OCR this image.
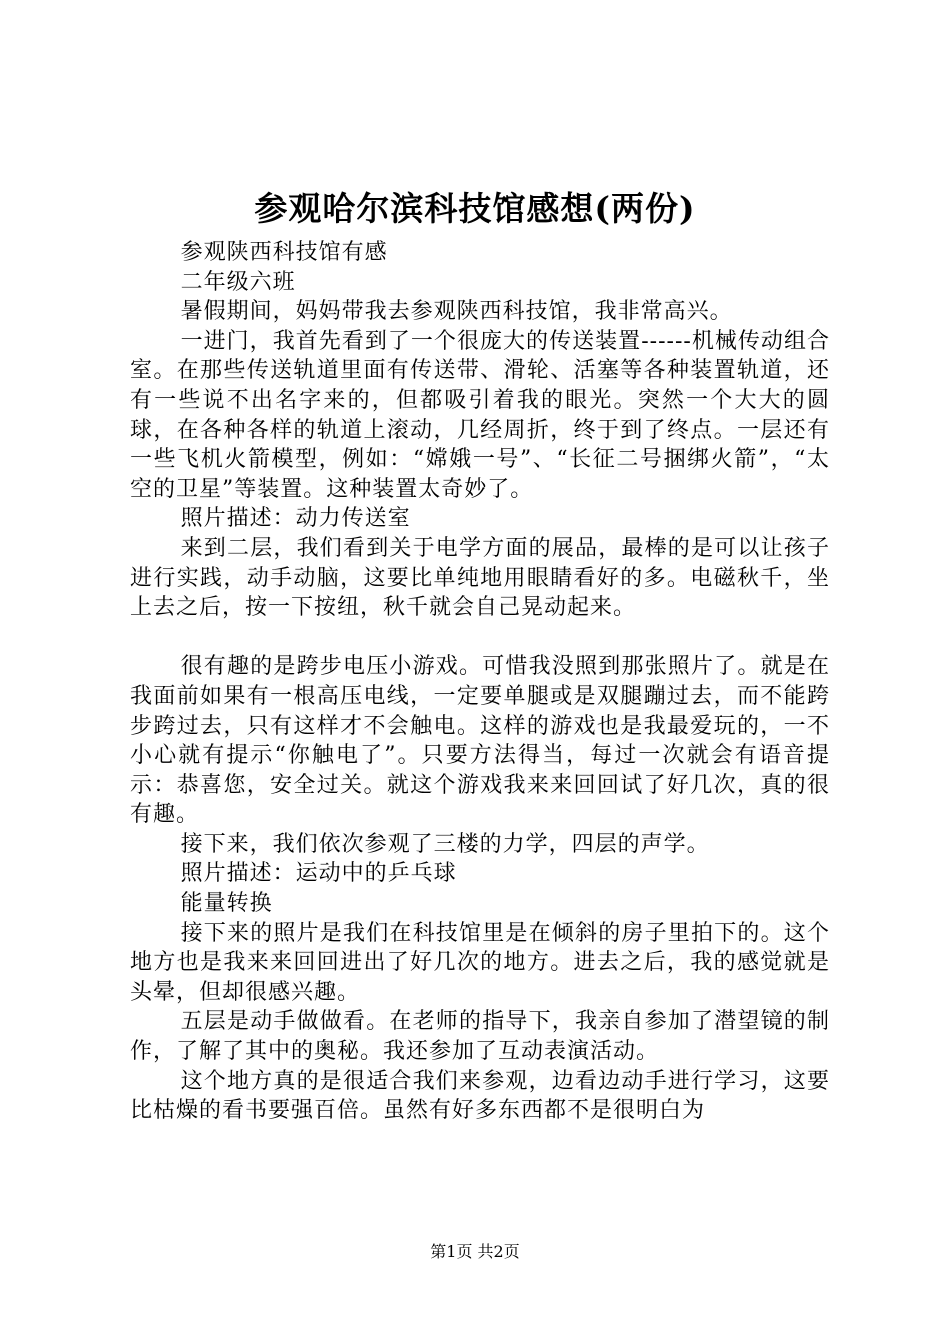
参观哈尔滨科技馆感想(两份)

参观陕西科技馆有感

二年级六班

暑假期间，妈妈带我去参观陕西科技馆，我非常高兴。

一进门，我首先看到了一个很庞大的传送装置------机械传动组合室。在那些传送轨道里面有传送带、滑轮、活塞等各种装置轨道，还有一些说不出名字来的，但都吸引着我的眼光。突然一个大大的圆球，在各种各样的轨道上滚动，几经周折，终于到了终点。一层还有一些飞机火箭模型，例如：“嫦娥一号”、“长征二号捆绑火箭”，“太空的卫星”等装置。这种装置太奇妙了。

照片描述：动力传送室

来到二层，我们看到关于电学方面的展品，最棒的是可以让孩子进行实践，动手动脑，这要比单纯地用眼睛看好的多。电磁秋千，坐上去之后，按一下按纽，秋千就会自己晃动起来。

很有趣的是跨步电压小游戏。可惜我没照到那张照片了。就是在我面前如果有一根高压电线，一定要单腿或是双腿蹦过去，而不能跨步跨过去，只有这样才不会触电。这样的游戏也是我最爱玩的，一不小心就有提示“你触电了”。只要方法得当，每过一次就会有语音提示：恭喜您，安全过关。就这个游戏我来来回回试了好几次，真的很有趣。

接下来，我们依次参观了三楼的力学，四层的声学。

照片描述：运动中的乒乓球

能量转换

接下来的照片是我们在科技馆里是在倾斜的房子里拍下的。这个地方也是我来来回回进出了好几次的地方。进去之后，我的感觉就是头晕，但却很感兴趣。

五层是动手做做看。在老师的指导下，我亲自参加了潜望镜的制作，了解了其中的奥秘。我还参加了互动表演活动。

这个地方真的是很适合我们来参观，边看边动手进行学习，这要比枯燥的看书要强百倍。虽然有好多东西都不是很明白为

第1页 共2页
